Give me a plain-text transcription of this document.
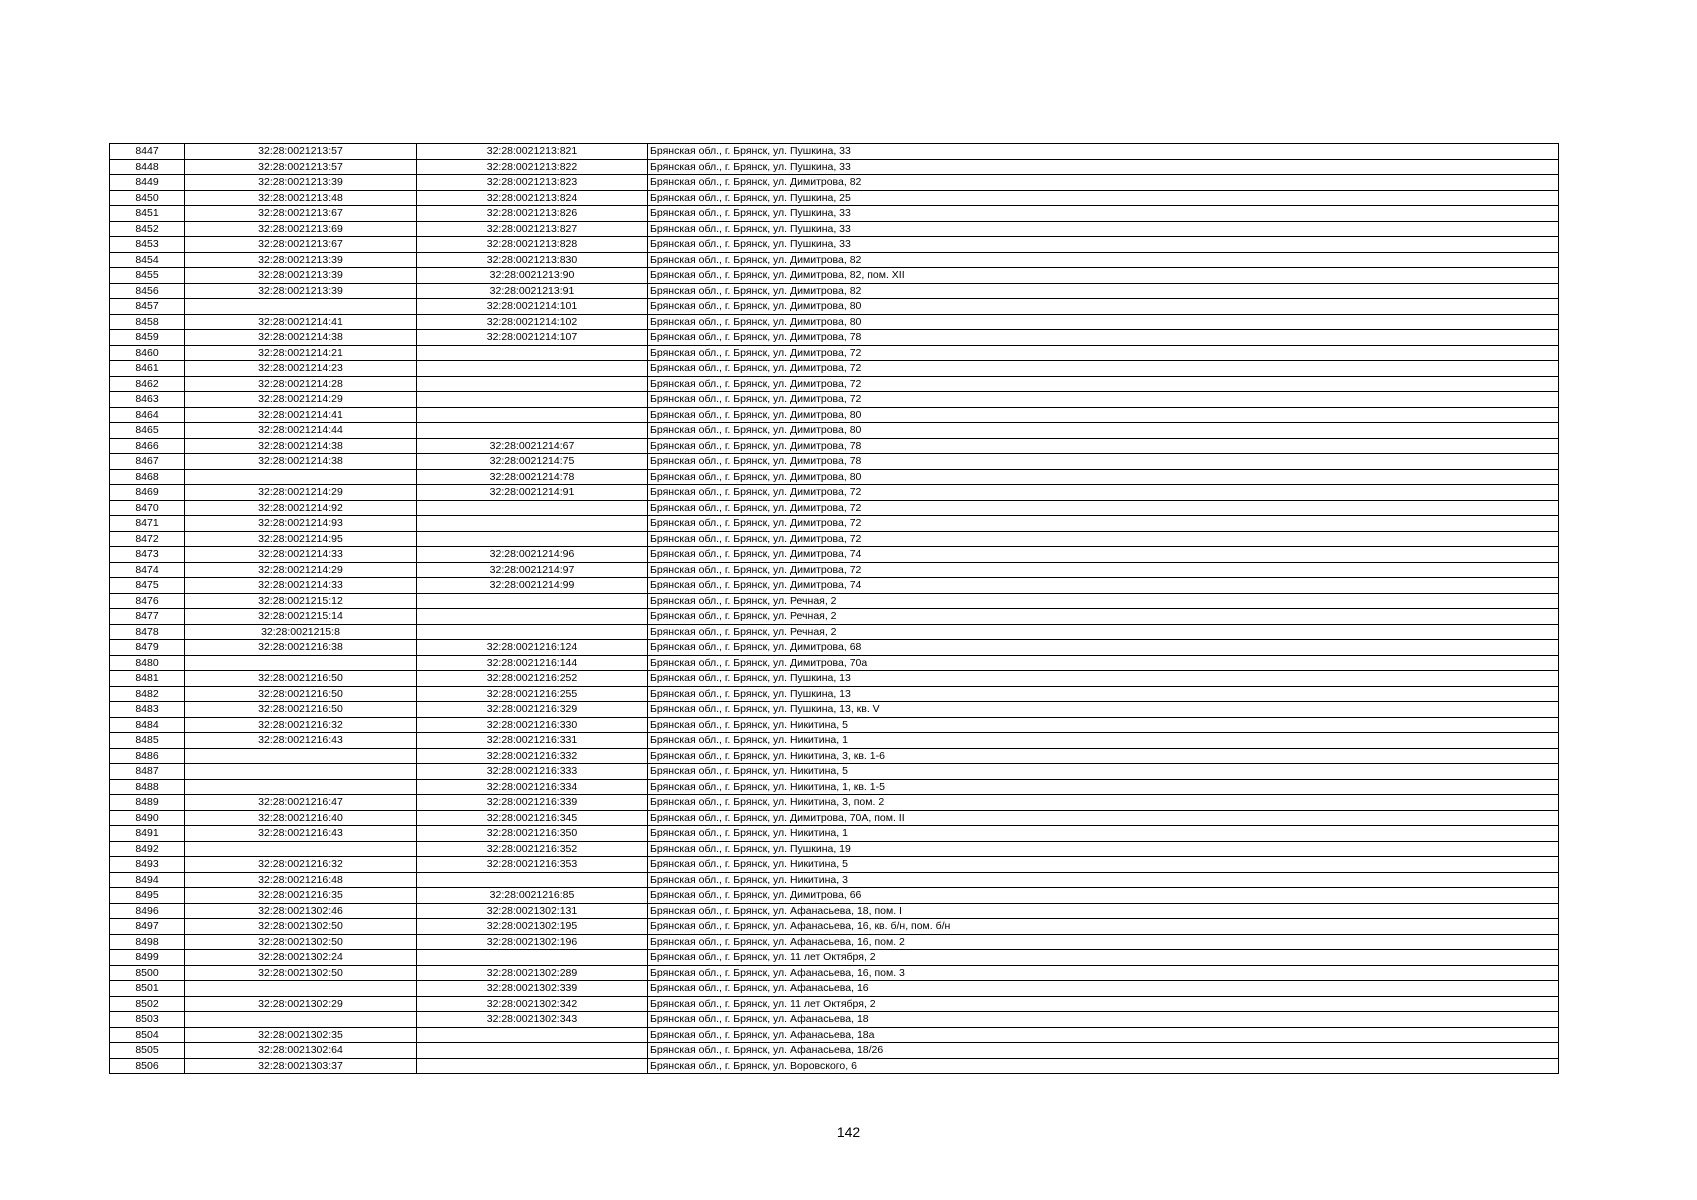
8447	32:28:0021213:57	32:28:0021213:821	Брянская обл., г. Брянск, ул. Пушкина, 33
8448	32:28:0021213:57	32:28:0021213:822	Брянская обл., г. Брянск, ул. Пушкина, 33
8449	32:28:0021213:39	32:28:0021213:823	Брянская обл., г. Брянск, ул. Димитрова, 82
8450	32:28:0021213:48	32:28:0021213:824	Брянская обл., г. Брянск, ул. Пушкина, 25
8451	32:28:0021213:67	32:28:0021213:826	Брянская обл., г. Брянск, ул. Пушкина, 33
8452	32:28:0021213:69	32:28:0021213:827	Брянская обл., г. Брянск, ул. Пушкина, 33
8453	32:28:0021213:67	32:28:0021213:828	Брянская обл., г. Брянск, ул. Пушкина, 33
8454	32:28:0021213:39	32:28:0021213:830	Брянская обл., г. Брянск, ул. Димитрова, 82
8455	32:28:0021213:39	32:28:0021213:90	Брянская обл., г. Брянск, ул. Димитрова, 82, пом. XII
8456	32:28:0021213:39	32:28:0021213:91	Брянская обл., г. Брянск, ул. Димитрова, 82
8457		32:28:0021214:101	Брянская обл., г. Брянск, ул. Димитрова, 80
8458	32:28:0021214:41	32:28:0021214:102	Брянская обл., г. Брянск, ул. Димитрова, 80
8459	32:28:0021214:38	32:28:0021214:107	Брянская обл., г. Брянск, ул. Димитрова, 78
8460	32:28:0021214:21		Брянская обл., г. Брянск, ул. Димитрова, 72
8461	32:28:0021214:23		Брянская обл., г. Брянск, ул. Димитрова, 72
8462	32:28:0021214:28		Брянская обл., г. Брянск, ул. Димитрова, 72
8463	32:28:0021214:29		Брянская обл., г. Брянск, ул. Димитрова, 72
8464	32:28:0021214:41		Брянская обл., г. Брянск, ул. Димитрова, 80
8465	32:28:0021214:44		Брянская обл., г. Брянск, ул. Димитрова, 80
8466	32:28:0021214:38	32:28:0021214:67	Брянская обл., г. Брянск, ул. Димитрова, 78
8467	32:28:0021214:38	32:28:0021214:75	Брянская обл., г. Брянск, ул. Димитрова, 78
8468		32:28:0021214:78	Брянская обл., г. Брянск, ул. Димитрова, 80
8469	32:28:0021214:29	32:28:0021214:91	Брянская обл., г. Брянск, ул. Димитрова, 72
8470	32:28:0021214:92		Брянская обл., г. Брянск, ул. Димитрова, 72
8471	32:28:0021214:93		Брянская обл., г. Брянск, ул. Димитрова, 72
8472	32:28:0021214:95		Брянская обл., г. Брянск, ул. Димитрова, 72
8473	32:28:0021214:33	32:28:0021214:96	Брянская обл., г. Брянск, ул. Димитрова, 74
8474	32:28:0021214:29	32:28:0021214:97	Брянская обл., г. Брянск, ул. Димитрова, 72
8475	32:28:0021214:33	32:28:0021214:99	Брянская обл., г. Брянск, ул. Димитрова, 74
8476	32:28:0021215:12		Брянская обл., г. Брянск, ул. Речная, 2
8477	32:28:0021215:14		Брянская обл., г. Брянск, ул. Речная, 2
8478	32:28:0021215:8		Брянская обл., г. Брянск, ул. Речная, 2
8479	32:28:0021216:38	32:28:0021216:124	Брянская обл., г. Брянск, ул. Димитрова, 68
8480		32:28:0021216:144	Брянская обл., г. Брянск, ул. Димитрова, 70а
8481	32:28:0021216:50	32:28:0021216:252	Брянская обл., г. Брянск, ул. Пушкина, 13
8482	32:28:0021216:50	32:28:0021216:255	Брянская обл., г. Брянск, ул. Пушкина, 13
8483	32:28:0021216:50	32:28:0021216:329	Брянская обл., г. Брянск, ул. Пушкина, 13, кв. V
8484	32:28:0021216:32	32:28:0021216:330	Брянская обл., г. Брянск, ул. Никитина, 5
8485	32:28:0021216:43	32:28:0021216:331	Брянская обл., г. Брянск, ул. Никитина, 1
8486		32:28:0021216:332	Брянская обл., г. Брянск, ул. Никитина, 3, кв. 1-6
8487		32:28:0021216:333	Брянская обл., г. Брянск, ул. Никитина, 5
8488		32:28:0021216:334	Брянская обл., г. Брянск, ул. Никитина, 1, кв. 1-5
8489	32:28:0021216:47	32:28:0021216:339	Брянская обл., г. Брянск, ул. Никитина, 3, пом. 2
8490	32:28:0021216:40	32:28:0021216:345	Брянская обл., г. Брянск, ул. Димитрова, 70А, пом. II
8491	32:28:0021216:43	32:28:0021216:350	Брянская обл., г. Брянск, ул. Никитина, 1
8492		32:28:0021216:352	Брянская обл., г. Брянск, ул. Пушкина, 19
8493	32:28:0021216:32	32:28:0021216:353	Брянская обл., г. Брянск, ул. Никитина, 5
8494	32:28:0021216:48		Брянская обл., г. Брянск, ул. Никитина, 3
8495	32:28:0021216:35	32:28:0021216:85	Брянская обл., г. Брянск, ул. Димитрова, 66
8496	32:28:0021302:46	32:28:0021302:131	Брянская обл., г. Брянск, ул. Афанасьева, 18, пом. I
8497	32:28:0021302:50	32:28:0021302:195	Брянская обл., г. Брянск, ул. Афанасьева, 16, кв. б/н, пом. б/н
8498	32:28:0021302:50	32:28:0021302:196	Брянская обл., г. Брянск, ул. Афанасьева, 16, пом. 2
8499	32:28:0021302:24		Брянская обл., г. Брянск, ул. 11 лет Октября, 2
8500	32:28:0021302:50	32:28:0021302:289	Брянская обл., г. Брянск, ул. Афанасьева, 16, пом. 3
8501		32:28:0021302:339	Брянская обл., г. Брянск, ул. Афанасьева, 16
8502	32:28:0021302:29	32:28:0021302:342	Брянская обл., г. Брянск, ул. 11 лет Октября, 2
8503		32:28:0021302:343	Брянская обл., г. Брянск, ул. Афанасьева, 18
8504	32:28:0021302:35		Брянская обл., г. Брянск, ул. Афанасьева, 18а
8505	32:28:0021302:64		Брянская обл., г. Брянск, ул. Афанасьева, 18/26
8506	32:28:0021303:37		Брянская обл., г. Брянск, ул. Воровского, 6
142
